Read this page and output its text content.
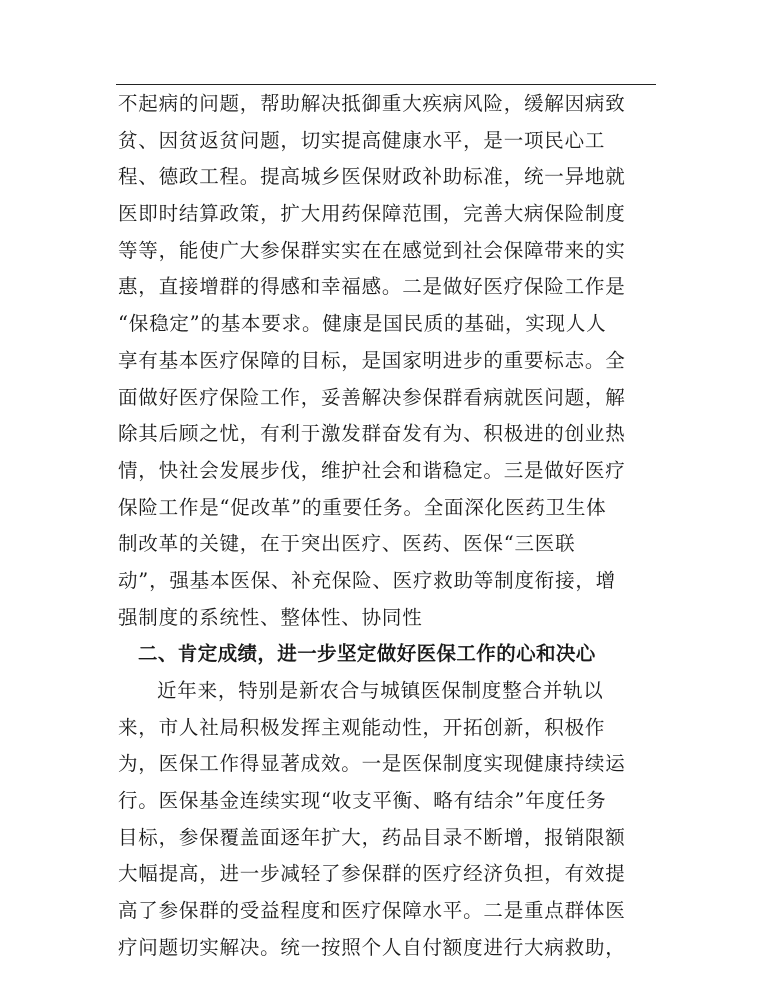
不起病的问题，帮助解决抵御重大疾病风险，缓解因病致
贫、因贫返贫问题，切实提高健康水平，是一项民心工
程、德政工程。提高城乡医保财政补助标准，统一异地就
医即时结算政策，扩大用药保障范围，完善大病保险制度
等等，能使广大参保群实实在在感觉到社会保障带来的实
惠，直接增群的得感和幸福感。二是做好医疗保险工作是
“保稳定”的基本要求。健康是国民质的基础，实现人人
享有基本医疗保障的目标，是国家明进步的重要标志。全
面做好医疗保险工作，妥善解决参保群看病就医问题，解
除其后顾之忧，有利于激发群奋发有为、积极进的创业热
情，快社会发展步伐，维护社会和谐稳定。三是做好医疗
保险工作是“促改革”的重要任务。全面深化医药卫生体
制改革的关键，在于突出医疗、医药、医保“三医联
动”，强基本医保、补充保险、医疗救助等制度衔接，增
强制度的系统性、整体性、协同性
二、肯定成绩，进一步坚定做好医保工作的心和决心
近年来，特别是新农合与城镇医保制度整合并轨以
来，市人社局积极发挥主观能动性，开拓创新，积极作
为，医保工作得显著成效。一是医保制度实现健康持续运
行。医保基金连续实现“收支平衡、略有结余”年度任务
目标，参保覆盖面逐年扩大，药品目录不断增，报销限额
大幅提高，进一步减轻了参保群的医疗经济负担，有效提
高了参保群的受益程度和医疗保障水平。二是重点群体医
疗问题切实解决。统一按照个人自付额度进行大病救助，
